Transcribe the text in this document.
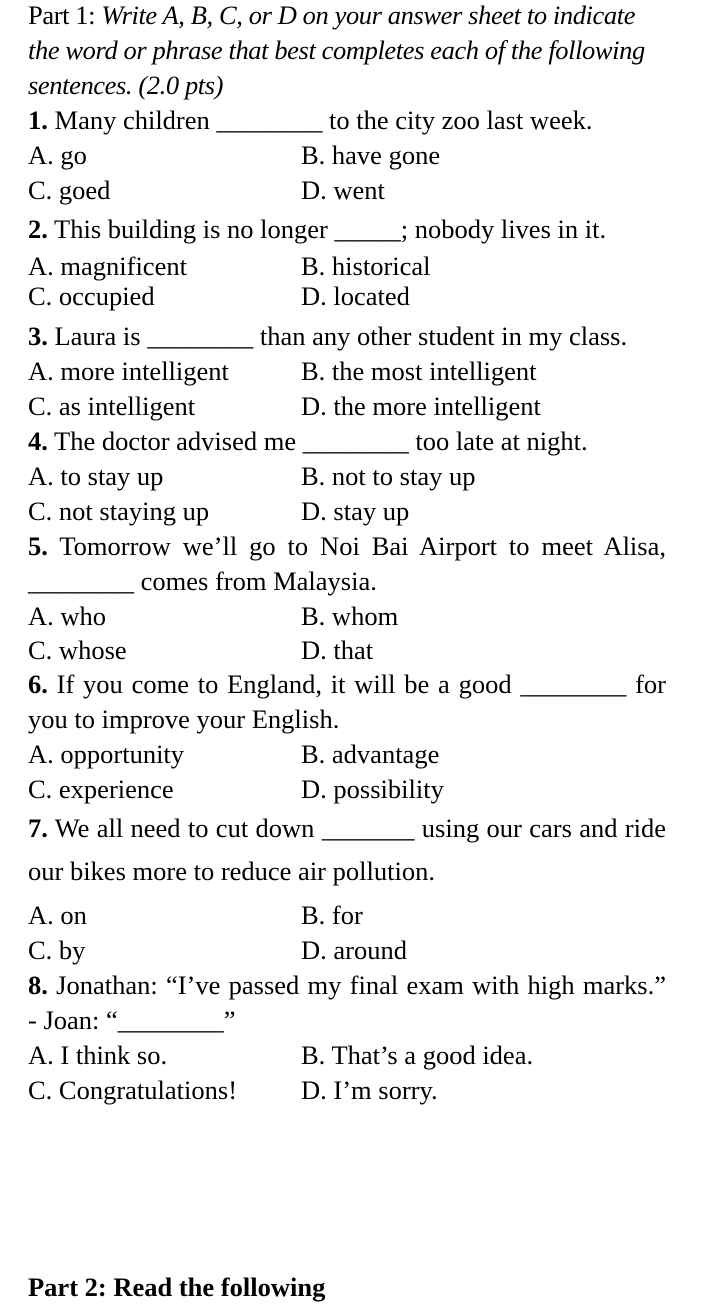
Part 1: Write A, B, C, or D on your answer sheet to indicate the word or phrase that best completes each of the following sentences. (2.0 pts)
1. Many children ________ to the city zoo last week.
A. go	B. have gone
C. goed	D. went
2. This building is no longer _____; nobody lives in it.
A. magnificent	B. historical
C. occupied	D. located
3. Laura is ________ than any other student in my class.
A. more intelligent	B. the most intelligent
C. as intelligent	D. the more intelligent
4. The doctor advised me ________ too late at night.
A. to stay up	B. not to stay up
C. not staying up	D. stay up
5. Tomorrow we’ll go to Noi Bai Airport to meet Alisa, ________ comes from Malaysia.
A. who	B. whom
C. whose	D. that
6. If you come to England, it will be a good ________ for you to improve your English.
A. opportunity	B. advantage
C. experience	D. possibility
7. We all need to cut down _______ using our cars and ride our bikes more to reduce air pollution.
A. on	B. for
C. by	D. around
8. Jonathan: “I’ve passed my final exam with high marks.” - Joan: “________”
A. I think so.	B. That’s a good idea.
C. Congratulations!	D. I’m sorry.
Part 2: Read the following
